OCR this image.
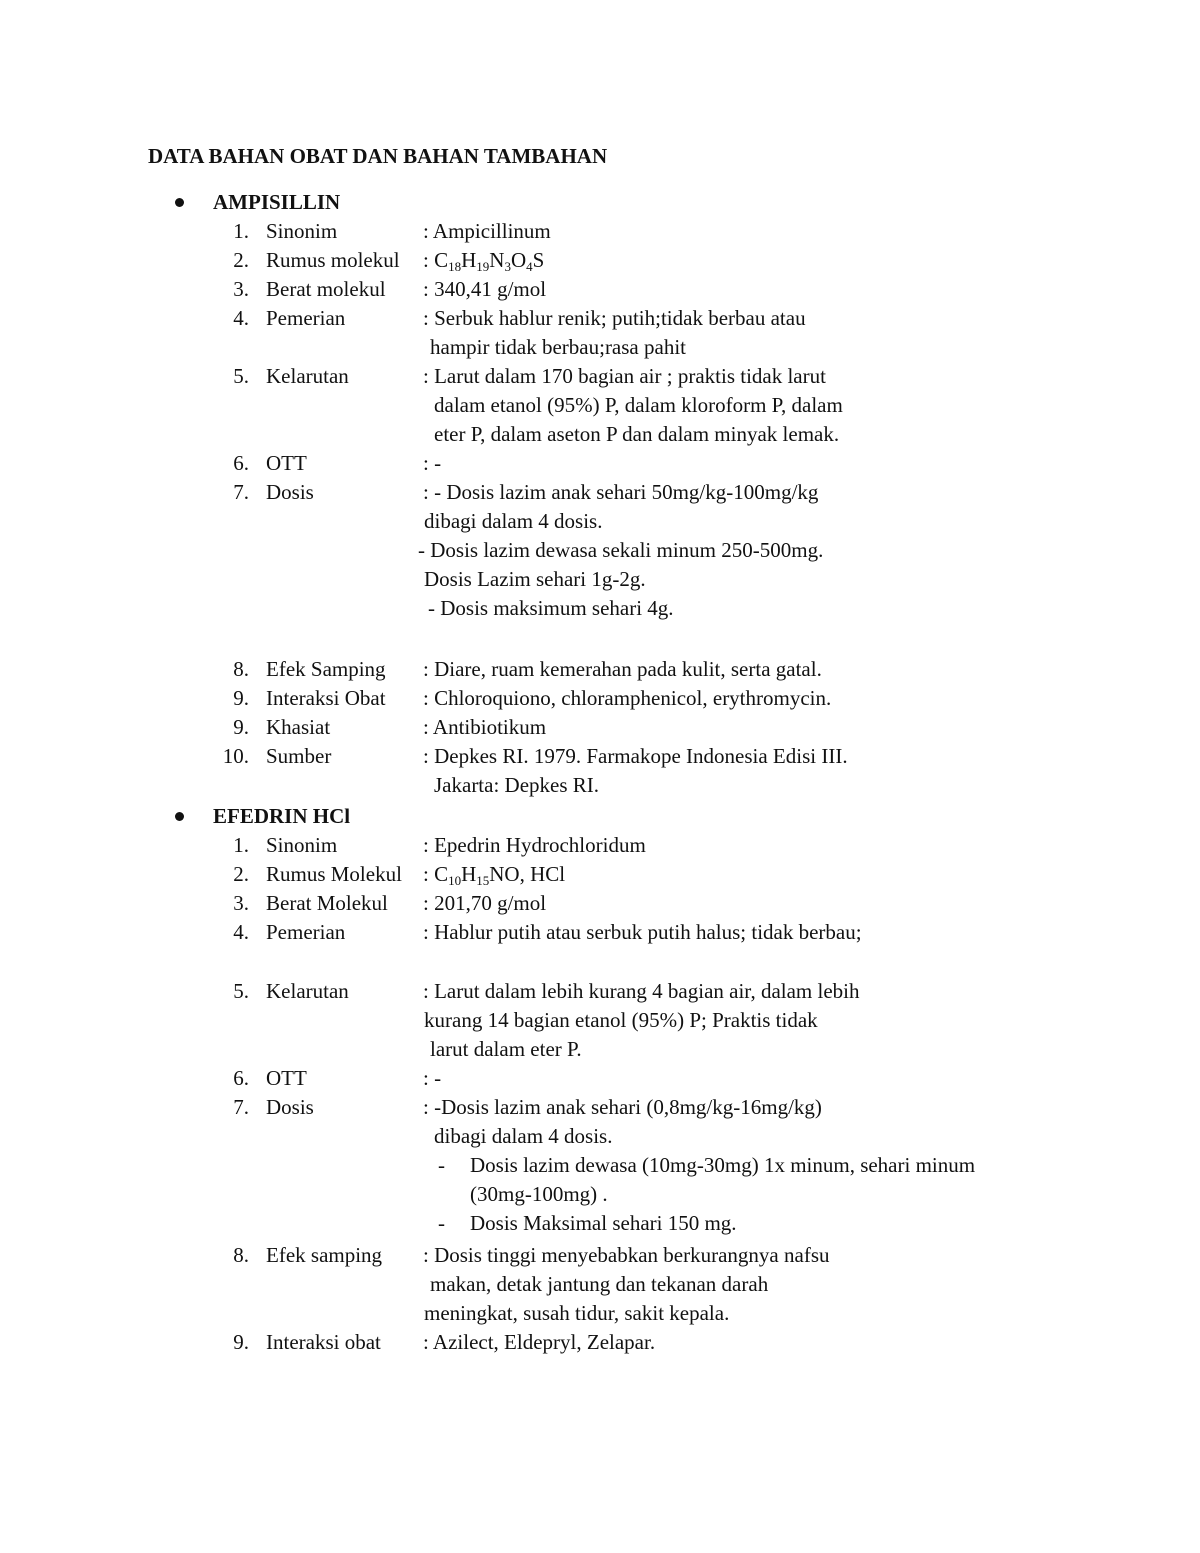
DATA BAHAN OBAT DAN BAHAN TAMBAHAN
AMPISILLIN
1. Sinonim	: Ampicillinum
2. Rumus molekul : $C_{18}H_{19}N_3O_4S$
3. Berat molekul : 340,41 g/mol
4. Pemerian	: Serbuk hablur renik; putih;tidak berbau atau
hampir tidak berbau;rasa pahit
5. Kelarutan	: Larut dalam 170 bagian air ; praktis tidak larut
dalam etanol (95%) P, dalam kloroform P, dalam
eter P, dalam aseton P dan dalam minyak lemak.
6. OTT	: -
7. Dosis	: - Dosis lazim anak sehari 50mg/kg-100mg/kg
dibagi dalam 4 dosis.
- Dosis lazim dewasa sekali minum 250-500mg.
Dosis Lazim sehari 1g-2g.
- Dosis maksimum sehari 4g.
8. Efek Samping : Diare, ruam kemerahan pada kulit, serta gatal.
9. Interaksi Obat : Chloroquiono, chloramphenicol, erythromycin.
9. Khasiat	: Antibiotikum
10. Sumber	: Depkes RI. 1979. Farmakope Indonesia Edisi III.
Jakarta: Depkes RI.
EFEDRIN HCl
1. Sinonim	: Epedrin Hydrochloridum
2. Rumus Molekul : $C_{10}H_{15}NO$, HCl
3. Berat Molekul : 201,70 g/mol
4. Pemerian	: Hablur putih atau serbuk putih halus; tidak berbau;
5. Kelarutan	: Larut dalam lebih kurang 4 bagian air, dalam lebih
kurang 14 bagian etanol (95%) P; Praktis tidak
larut dalam eter P.
6. OTT	: -
7. Dosis	: -Dosis lazim anak sehari (0,8mg/kg-16mg/kg)
dibagi dalam 4 dosis.
- Dosis lazim dewasa (10mg-30mg) 1x minum, sehari minum
(30mg-100mg) .
- Dosis Maksimal sehari 150 mg.
8. Efek samping : Dosis tinggi menyebabkan berkurangnya nafsu
makan, detak jantung dan tekanan darah
meningkat, susah tidur, sakit kepala.
9. Interaksi obat : Azilect, Eldepryl, Zelapar.
